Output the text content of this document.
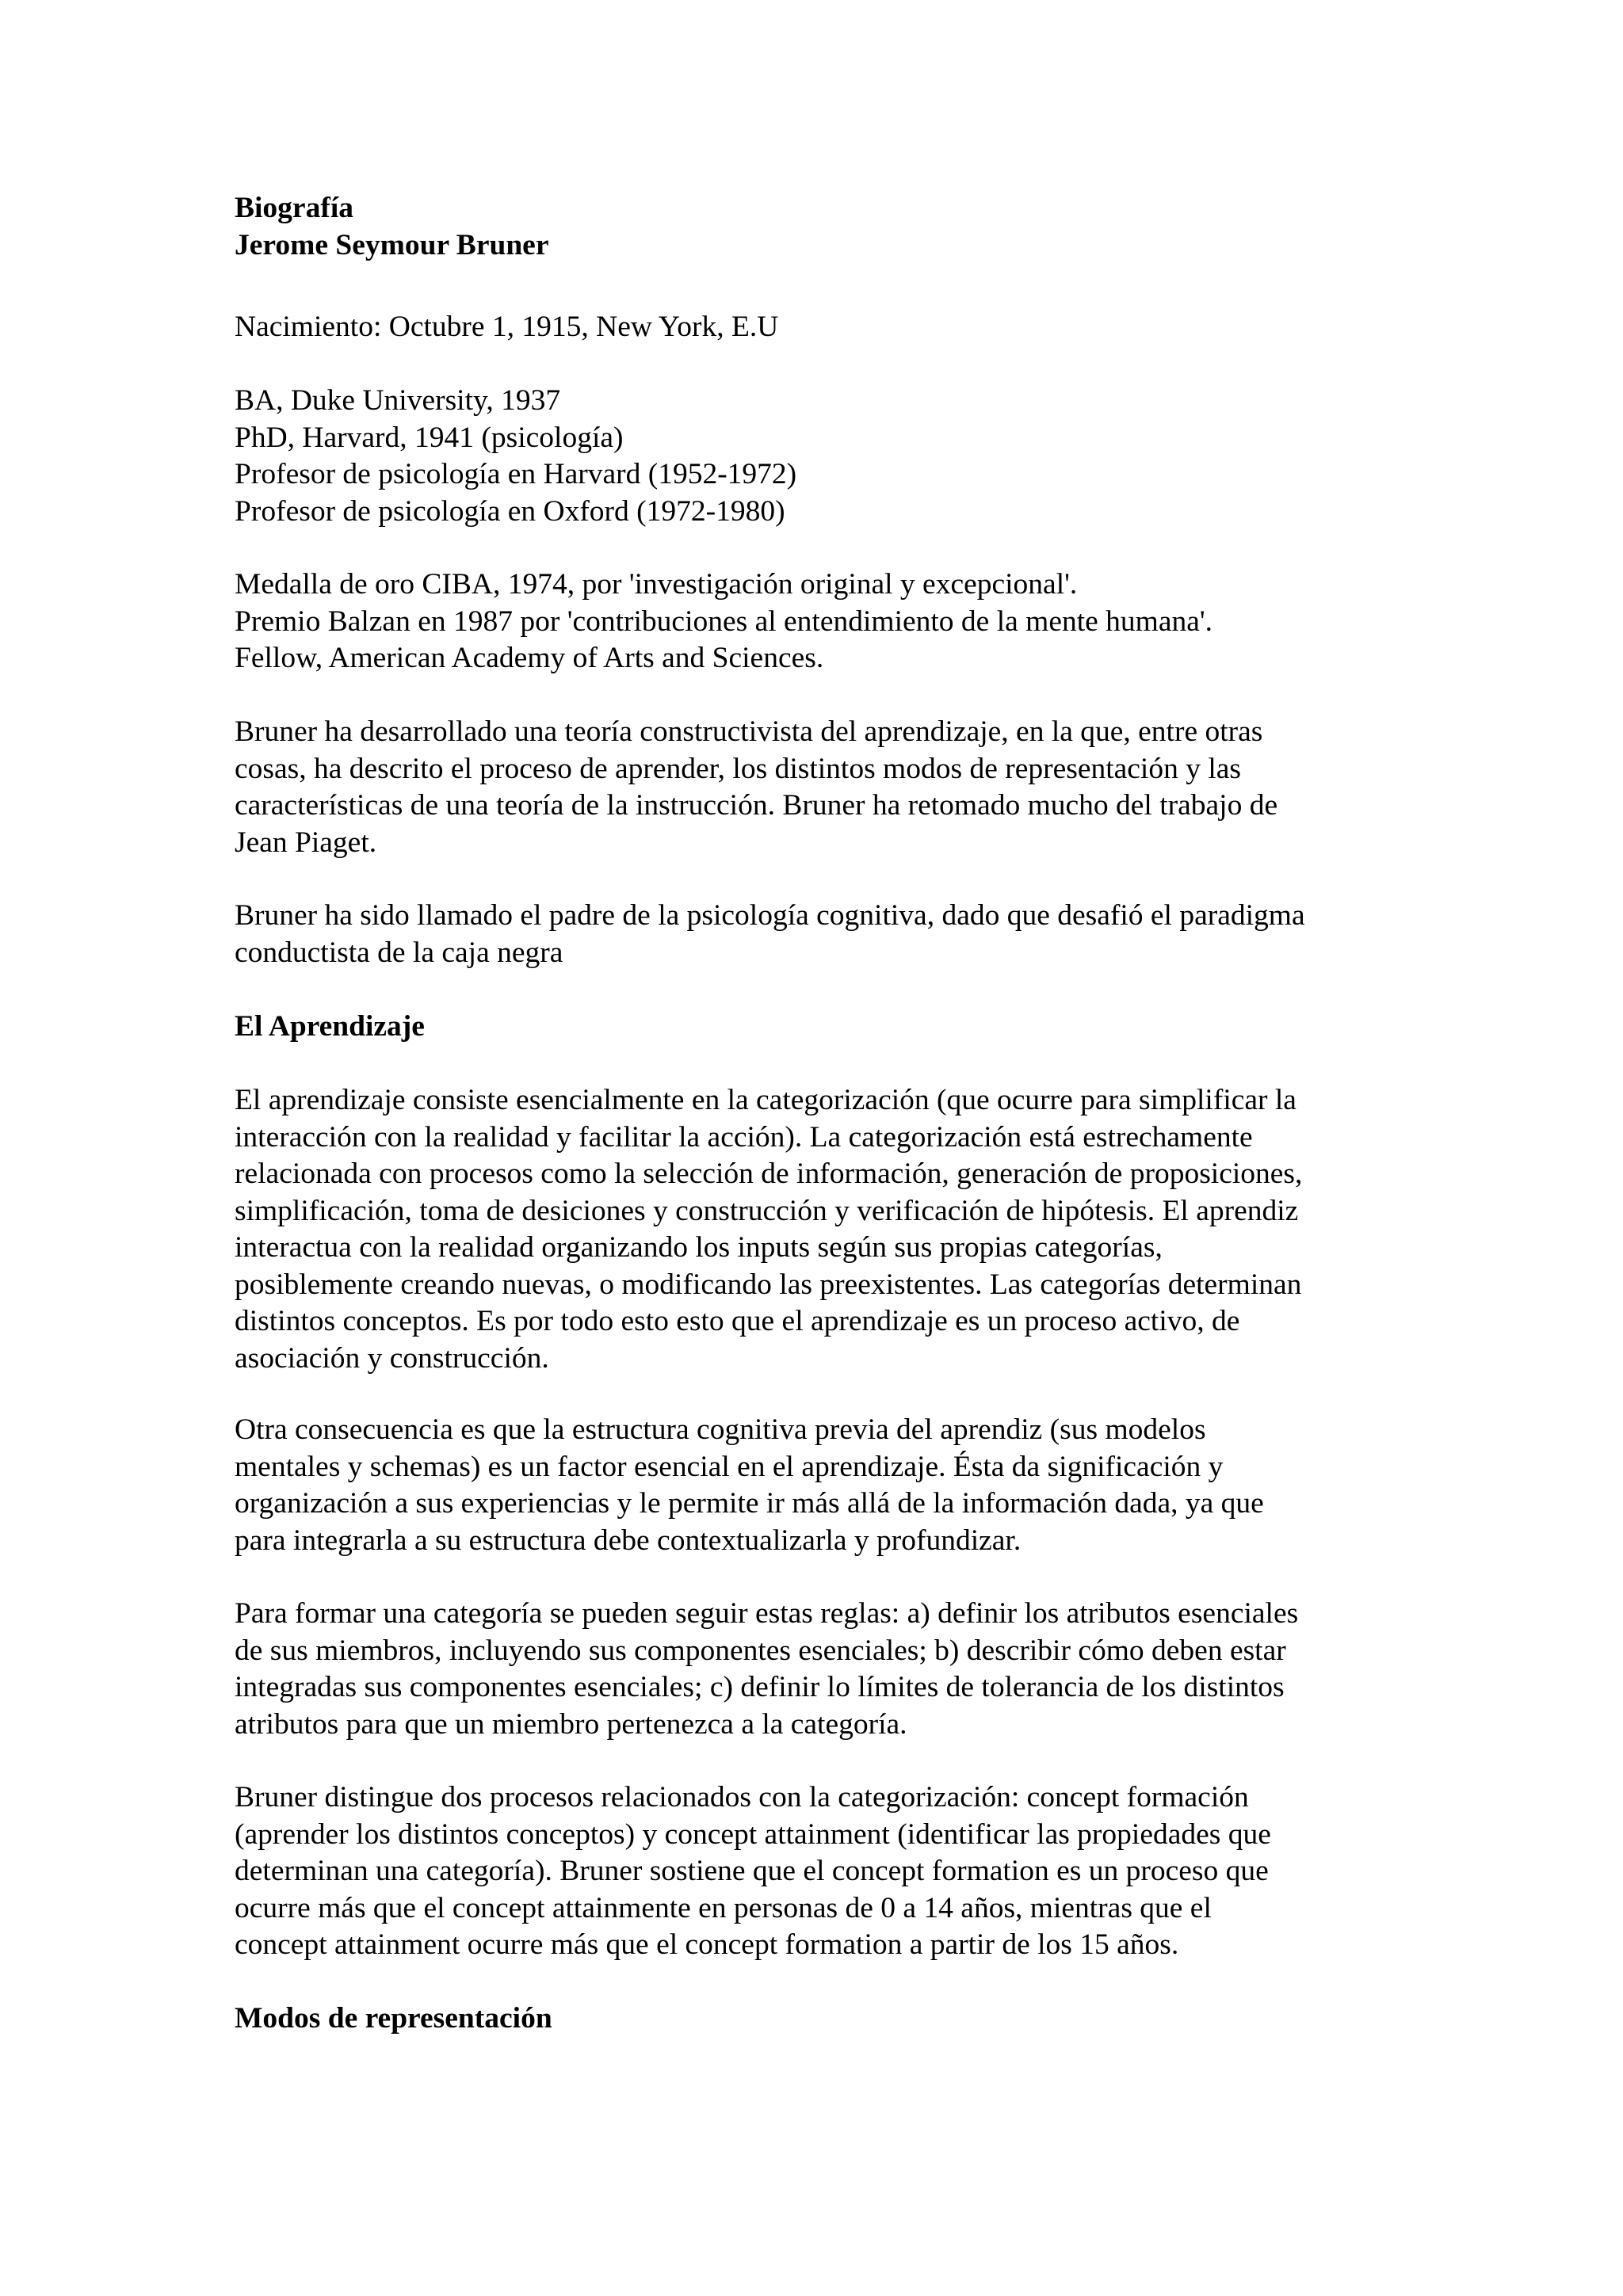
Biografía
Jerome Seymour Bruner
Nacimiento: Octubre 1, 1915, New York, E.U
BA, Duke University, 1937
PhD, Harvard, 1941 (psicología)
Profesor de psicología en Harvard (1952-1972)
Profesor de psicología en Oxford (1972-1980)
Medalla de oro CIBA, 1974, por 'investigación original y excepcional'.
Premio Balzan en 1987 por 'contribuciones al entendimiento de la mente humana'.
Fellow, American Academy of Arts and Sciences.
Bruner ha desarrollado una teoría constructivista del aprendizaje, en la que, entre otras
cosas, ha descrito el proceso de aprender, los distintos modos de representación y las
características de una teoría de la instrucción. Bruner ha retomado mucho del trabajo de
Jean Piaget.
Bruner ha sido llamado el padre de la psicología cognitiva, dado que desafió el paradigma
conductista de la caja negra
El Aprendizaje
El aprendizaje consiste esencialmente en la categorización (que ocurre para simplificar la
interacción con la realidad y facilitar la acción). La categorización está estrechamente
relacionada con procesos como la selección de información, generación de proposiciones,
simplificación, toma de desiciones y construcción y verificación de hipótesis. El aprendiz
interactua con la realidad organizando los inputs según sus propias categorías,
posiblemente creando nuevas, o modificando las preexistentes. Las categorías determinan
distintos conceptos. Es por todo esto esto que el aprendizaje es un proceso activo, de
asociación y construcción.
Otra consecuencia es que la estructura cognitiva previa del aprendiz (sus modelos
mentales y schemas) es un factor esencial en el aprendizaje. Ésta da significación y
organización a sus experiencias y le permite ir más allá de la información dada, ya que
para integrarla a su estructura debe contextualizarla y profundizar.
Para formar una categoría se pueden seguir estas reglas: a) definir los atributos esenciales
de sus miembros, incluyendo sus componentes esenciales; b) describir cómo deben estar
integradas sus componentes esenciales; c) definir lo límites de tolerancia de los distintos
atributos para que un miembro pertenezca a la categoría.
Bruner distingue dos procesos relacionados con la categorización: concept formación
(aprender los distintos conceptos) y concept attainment (identificar las propiedades que
determinan una categoría). Bruner sostiene que el concept formation es un proceso que
ocurre más que el concept attainmente en personas de 0 a 14 años, mientras que el
concept attainment ocurre más que el concept formation a partir de los 15 años.
Modos de representación
